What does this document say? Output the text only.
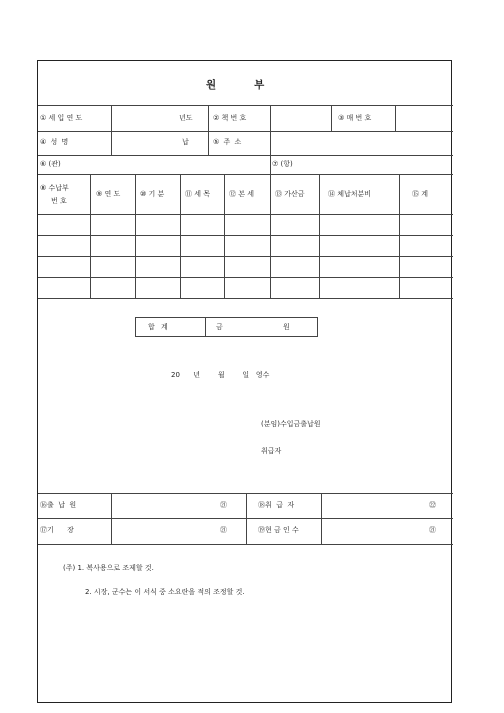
원부
① 세 입 연 도	년도	② 책 번 호	③ 매 번 호
④ 성 명	납	⑤ 주 소
⑥ (관)	⑦ (항)
⑧ 수납부
번 호
⑨ 연 도	⑩ 기 분	⑪ 세 목	⑫ 본 세	⑬ 가산금	⑭ 체납처분비	⑮ 계
합 계	금	원
20      년        월        일   영수
(분임)수입금출납원
취급자
⑯출  납  원	㉑	⑱취  급  자	㉒
⑰기      장	㉑	⑲현 금 인 수	㉑
(주) 1. 복사용으로 조제할 것.
2. 시장, 군수는 이 서식 중 소요란을 적의 조정할 것.
